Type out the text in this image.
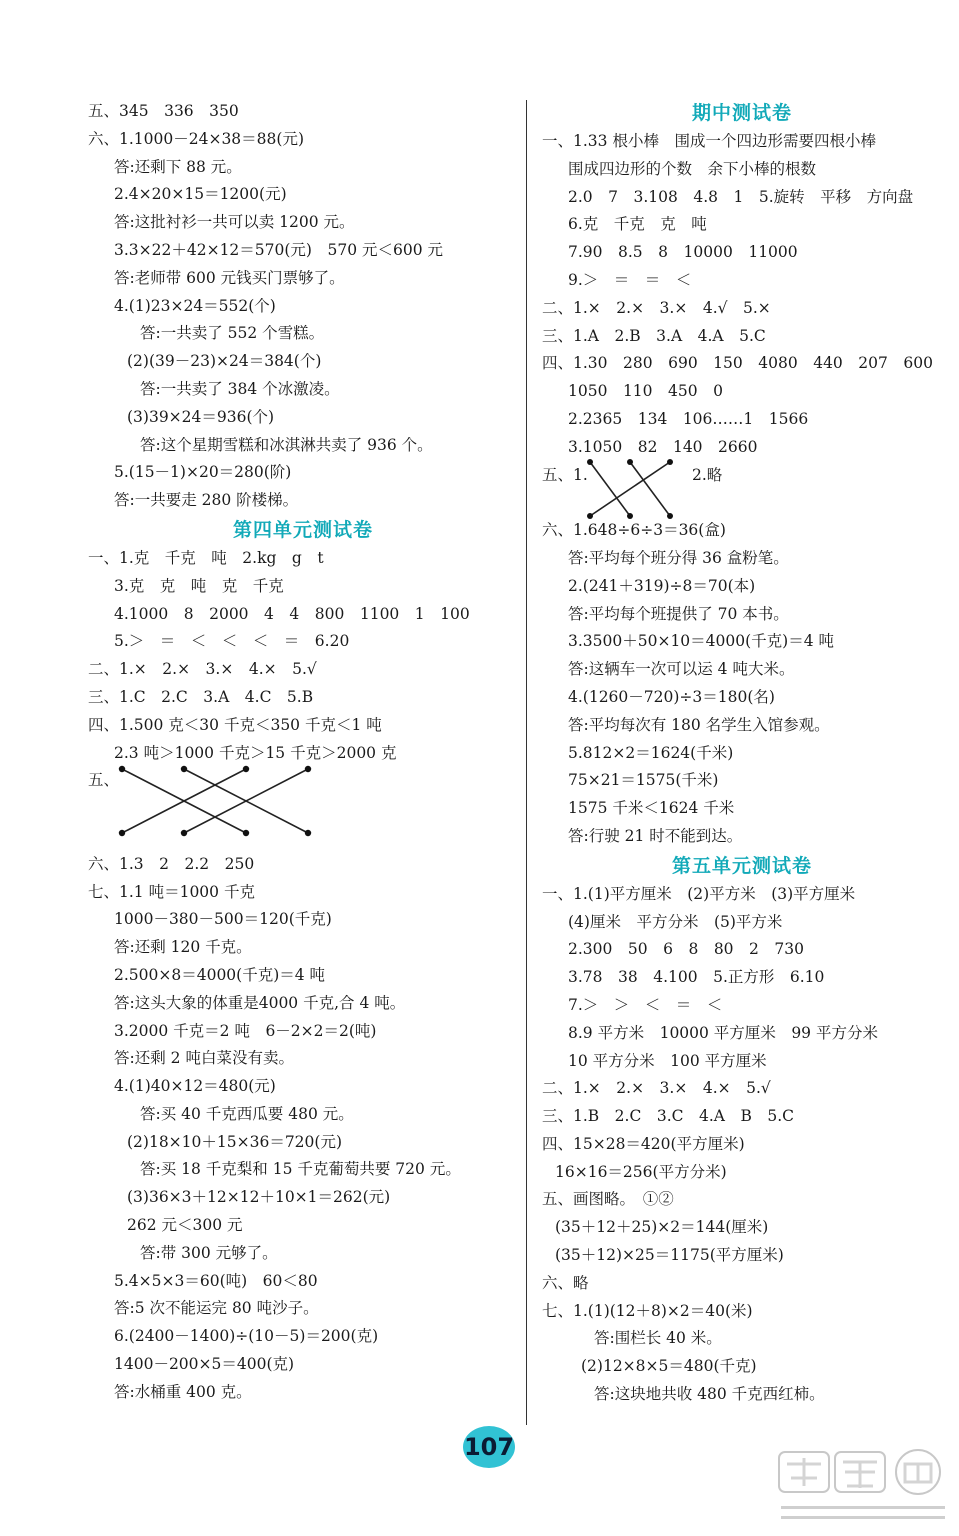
五、345　336　350
六、1.1000－24×38＝88(元)
答:还剩下 88 元。
2.4×20×15＝1200(元)
答:这批衬衫一共可以卖 1200 元。
3.3×22＋42×12＝570(元)　570 元＜600 元
答:老师带 600 元钱买门票够了。
4.(1)23×24＝552(个)
答:一共卖了 552 个雪糕。
(2)(39－23)×24＝384(个)
答:一共卖了 384 个冰激凌。
(3)39×24＝936(个)
答:这个星期雪糕和冰淇淋共卖了 936 个。
5.(15－1)×20＝280(阶)
答:一共要走 280 阶楼梯。
第四单元测试卷
一、1.克　千克　吨　2.kg　g　t
3.克　克　吨　克　千克
4.1000　8　2000　4　4　800　1100　1　100
5.＞　＝　＜　＜　＜　＝　6.20
二、1.×　2.×　3.×　4.×　5.√
三、1.C　2.C　3.A　4.C　5.B
四、1.500 克＜30 千克＜350 千克＜1 吨
2.3 吨＞1000 千克＞15 千克＞2000 克
五、
六、1.3　2　2.2　250
七、1.1 吨＝1000 千克
1000－380－500＝120(千克)
答:还剩 120 千克。
2.500×8＝4000(千克)＝4 吨
答:这头大象的体重是4000 千克,合 4 吨。
3.2000 千克＝2 吨　6－2×2＝2(吨)
答:还剩 2 吨白菜没有卖。
4.(1)40×12＝480(元)
答:买 40 千克西瓜要 480 元。
(2)18×10＋15×36＝720(元)
答:买 18 千克梨和 15 千克葡萄共要 720 元。
(3)36×3＋12×12＋10×1＝262(元)
262 元＜300 元
答:带 300 元够了。
5.4×5×3＝60(吨)　60＜80
答:5 次不能运完 80 吨沙子。
6.(2400－1400)÷(10－5)＝200(克)
1400－200×5＝400(克)
答:水桶重 400 克。
期中测试卷
一、1.33 根小棒　围成一个四边形需要四根小棒
围成四边形的个数　余下小棒的根数
2.0　7　3.108　4.8　1　5.旋转　平移　方向盘
6.克　千克　克　吨
7.90　8.5　8　10000　11000
9.＞　＝　＝　＜
二、1.×　2.×　3.×　4.√　5.×
三、1.A　2.B　3.A　4.A　5.C
四、1.30　280　690　150　4080　440　207　600
1050　110　450　0
2.2365　134　106……1　1566
3.1050　82　140　2660
五、1.	2.略
六、1.648÷6÷3＝36(盒)
答:平均每个班分得 36 盒粉笔。
2.(241＋319)÷8＝70(本)
答:平均每个班提供了 70 本书。
3.3500＋50×10＝4000(千克)＝4 吨
答:这辆车一次可以运 4 吨大米。
4.(1260－720)÷3＝180(名)
答:平均每次有 180 名学生入馆参观。
5.812×2＝1624(千米)
75×21＝1575(千米)
1575 千米＜1624 千米
答:行驶 21 时不能到达。
第五单元测试卷
一、1.(1)平方厘米　(2)平方米　(3)平方厘米
(4)厘米　平方分米　(5)平方米
2.300　50　6　8　80　2　730
3.78　38　4.100　5.正方形　6.10
7.＞　＞　＜　＝　＜
8.9 平方米　10000 平方厘米　99 平方分米
10 平方分米　100 平方厘米
二、1.×　2.×　3.×　4.×　5.√
三、1.B　2.C　3.C　4.A　B　5.C
四、15×28＝420(平方厘米)
16×16＝256(平方分米)
五、画图略。　①②
(35＋12＋25)×2＝144(厘米)
(35＋12)×25＝1175(平方厘米)
六、略
七、1.(1)(12＋8)×2＝40(米)
答:围栏长 40 米。
(2)12×8×5＝480(千克)
答:这块地共收 480 千克西红柿。
107
